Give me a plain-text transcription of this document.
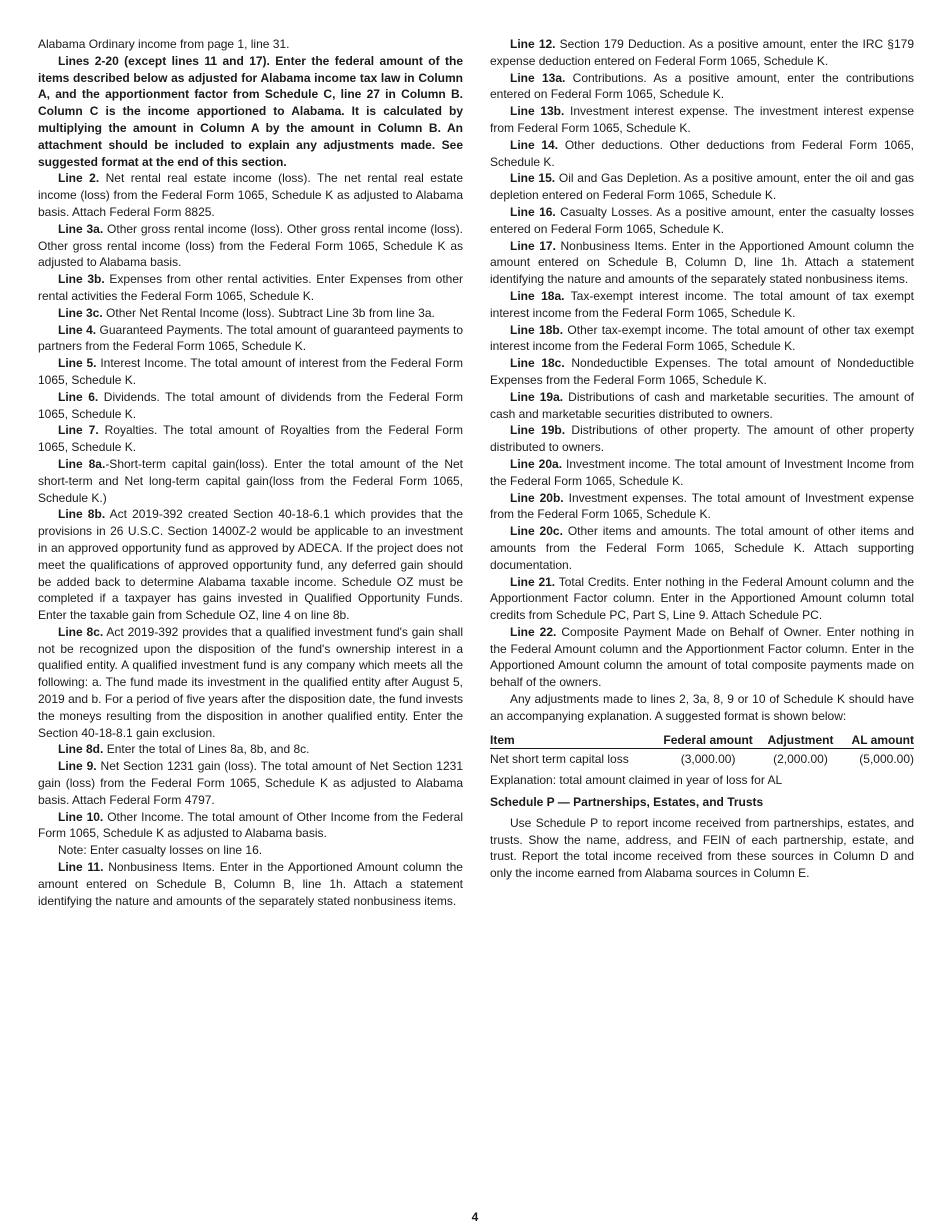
Alabama Ordinary income from page 1, line 31.

Lines 2-20 (except lines 11 and 17). Enter the federal amount of the items described below as adjusted for Alabama income tax law in Column A, and the apportionment factor from Schedule C, line 27 in Column B. Column C is the income apportioned to Alabama. It is calculated by multiplying the amount in Column A by the amount in Column B. An attachment should be included to explain any adjustments made. See suggested format at the end of this section.

Line 2. Net rental real estate income (loss). The net rental real estate income (loss) from the Federal Form 1065, Schedule K as adjusted to Alabama basis. Attach Federal Form 8825.

Line 3a. Other gross rental income (loss). Other gross rental income (loss). Other gross rental income (loss) from the Federal Form 1065, Schedule K as adjusted to Alabama basis.

Line 3b. Expenses from other rental activities. Enter Expenses from other rental activities the Federal Form 1065, Schedule K.

Line 3c. Other Net Rental Income (loss). Subtract Line 3b from line 3a.

Line 4. Guaranteed Payments. The total amount of guaranteed payments to partners from the Federal Form 1065, Schedule K.

Line 5. Interest Income. The total amount of interest from the Federal Form 1065, Schedule K.

Line 6. Dividends. The total amount of dividends from the Federal Form 1065, Schedule K.

Line 7. Royalties. The total amount of Royalties from the Federal Form 1065, Schedule K.

Line 8a.-Short-term capital gain(loss). Enter the total amount of the Net short-term and Net long-term capital gain(loss from the Federal Form 1065, Schedule K.)

Line 8b. Act 2019-392 created Section 40-18-6.1 which provides that the provisions in 26 U.S.C. Section 1400Z-2 would be applicable to an investment in an approved opportunity fund as approved by ADECA. If the project does not meet the qualifications of approved opportunity fund, any deferred gain should be added back to determine Alabama taxable income. Schedule OZ must be completed if a taxpayer has gains invested in Qualified Opportunity Funds. Enter the taxable gain from Schedule OZ, line 4 on line 8b.

Line 8c. Act 2019-392 provides that a qualified investment fund's gain shall not be recognized upon the disposition of the fund's ownership interest in a qualified entity. A qualified investment fund is any company which meets all the following: a. The fund made its investment in the qualified entity after August 5, 2019 and b. For a period of five years after the disposition date, the fund invests the moneys resulting from the disposition in another qualified entity. Enter the Section 40-18-8.1 gain exclusion.

Line 8d. Enter the total of Lines 8a, 8b, and 8c.

Line 9. Net Section 1231 gain (loss). The total amount of Net Section 1231 gain (loss) from the Federal Form 1065, Schedule K as adjusted to Alabama basis. Attach Federal Form 4797.

Line 10. Other Income. The total amount of Other Income from the Federal Form 1065, Schedule K as adjusted to Alabama basis.

Note: Enter casualty losses on line 16.

Line 11. Nonbusiness Items. Enter in the Apportioned Amount column the amount entered on Schedule B, Column B, line 1h. Attach a statement identifying the nature and amounts of the separately stated nonbusiness items.

Line 12. Section 179 Deduction. As a positive amount, enter the IRC §179 expense deduction entered on Federal Form 1065, Schedule K.

Line 13a. Contributions. As a positive amount, enter the contributions entered on Federal Form 1065, Schedule K.

Line 13b. Investment interest expense. The investment interest expense from Federal Form 1065, Schedule K.

Line 14. Other deductions. Other deductions from Federal Form 1065, Schedule K.

Line 15. Oil and Gas Depletion. As a positive amount, enter the oil and gas depletion entered on Federal Form 1065, Schedule K.

Line 16. Casualty Losses. As a positive amount, enter the casualty losses entered on Federal Form 1065, Schedule K.

Line 17. Nonbusiness Items. Enter in the Apportioned Amount column the amount entered on Schedule B, Column D, line 1h. Attach a statement identifying the nature and amounts of the separately stated nonbusiness items.

Line 18a. Tax-exempt interest income. The total amount of tax exempt interest income from the Federal Form 1065, Schedule K.

Line 18b. Other tax-exempt income. The total amount of other tax exempt interest income from the Federal Form 1065, Schedule K.

Line 18c. Nondeductible Expenses. The total amount of Nondeductible Expenses from the Federal Form 1065, Schedule K.

Line 19a. Distributions of cash and marketable securities. The amount of cash and marketable securities distributed to owners.

Line 19b. Distributions of other property. The amount of other property distributed to owners.

Line 20a. Investment income. The total amount of Investment Income from the Federal Form 1065, Schedule K.

Line 20b. Investment expenses. The total amount of Investment expense from the Federal Form 1065, Schedule K.

Line 20c. Other items and amounts. The total amount of other items and amounts from the Federal Form 1065, Schedule K. Attach supporting documentation.

Line 21. Total Credits. Enter nothing in the Federal Amount column and the Apportionment Factor column. Enter in the Apportioned Amount column total credits from Schedule PC, Part S, Line 9. Attach Schedule PC.

Line 22. Composite Payment Made on Behalf of Owner. Enter nothing in the Federal Amount column and the Apportionment Factor column. Enter in the Apportioned Amount column the amount of total composite payments made on behalf of the owners.

Any adjustments made to lines 2, 3a, 8, 9 or 10 of Schedule K should have an accompanying explanation. A suggested format is shown below:

Item	Federal amount	Adjustment	AL amount
Net short term capital loss	(3,000.00)	(2,000.00)	(5,000.00)

Explanation: total amount claimed in year of loss for AL

Schedule P — Partnerships, Estates, and Trusts

Use Schedule P to report income received from partnerships, estates, and trusts. Show the name, address, and FEIN of each partnership, estate, and trust. Report the total income received from these sources in Column D and only the income earned from Alabama sources in Column E.

4
